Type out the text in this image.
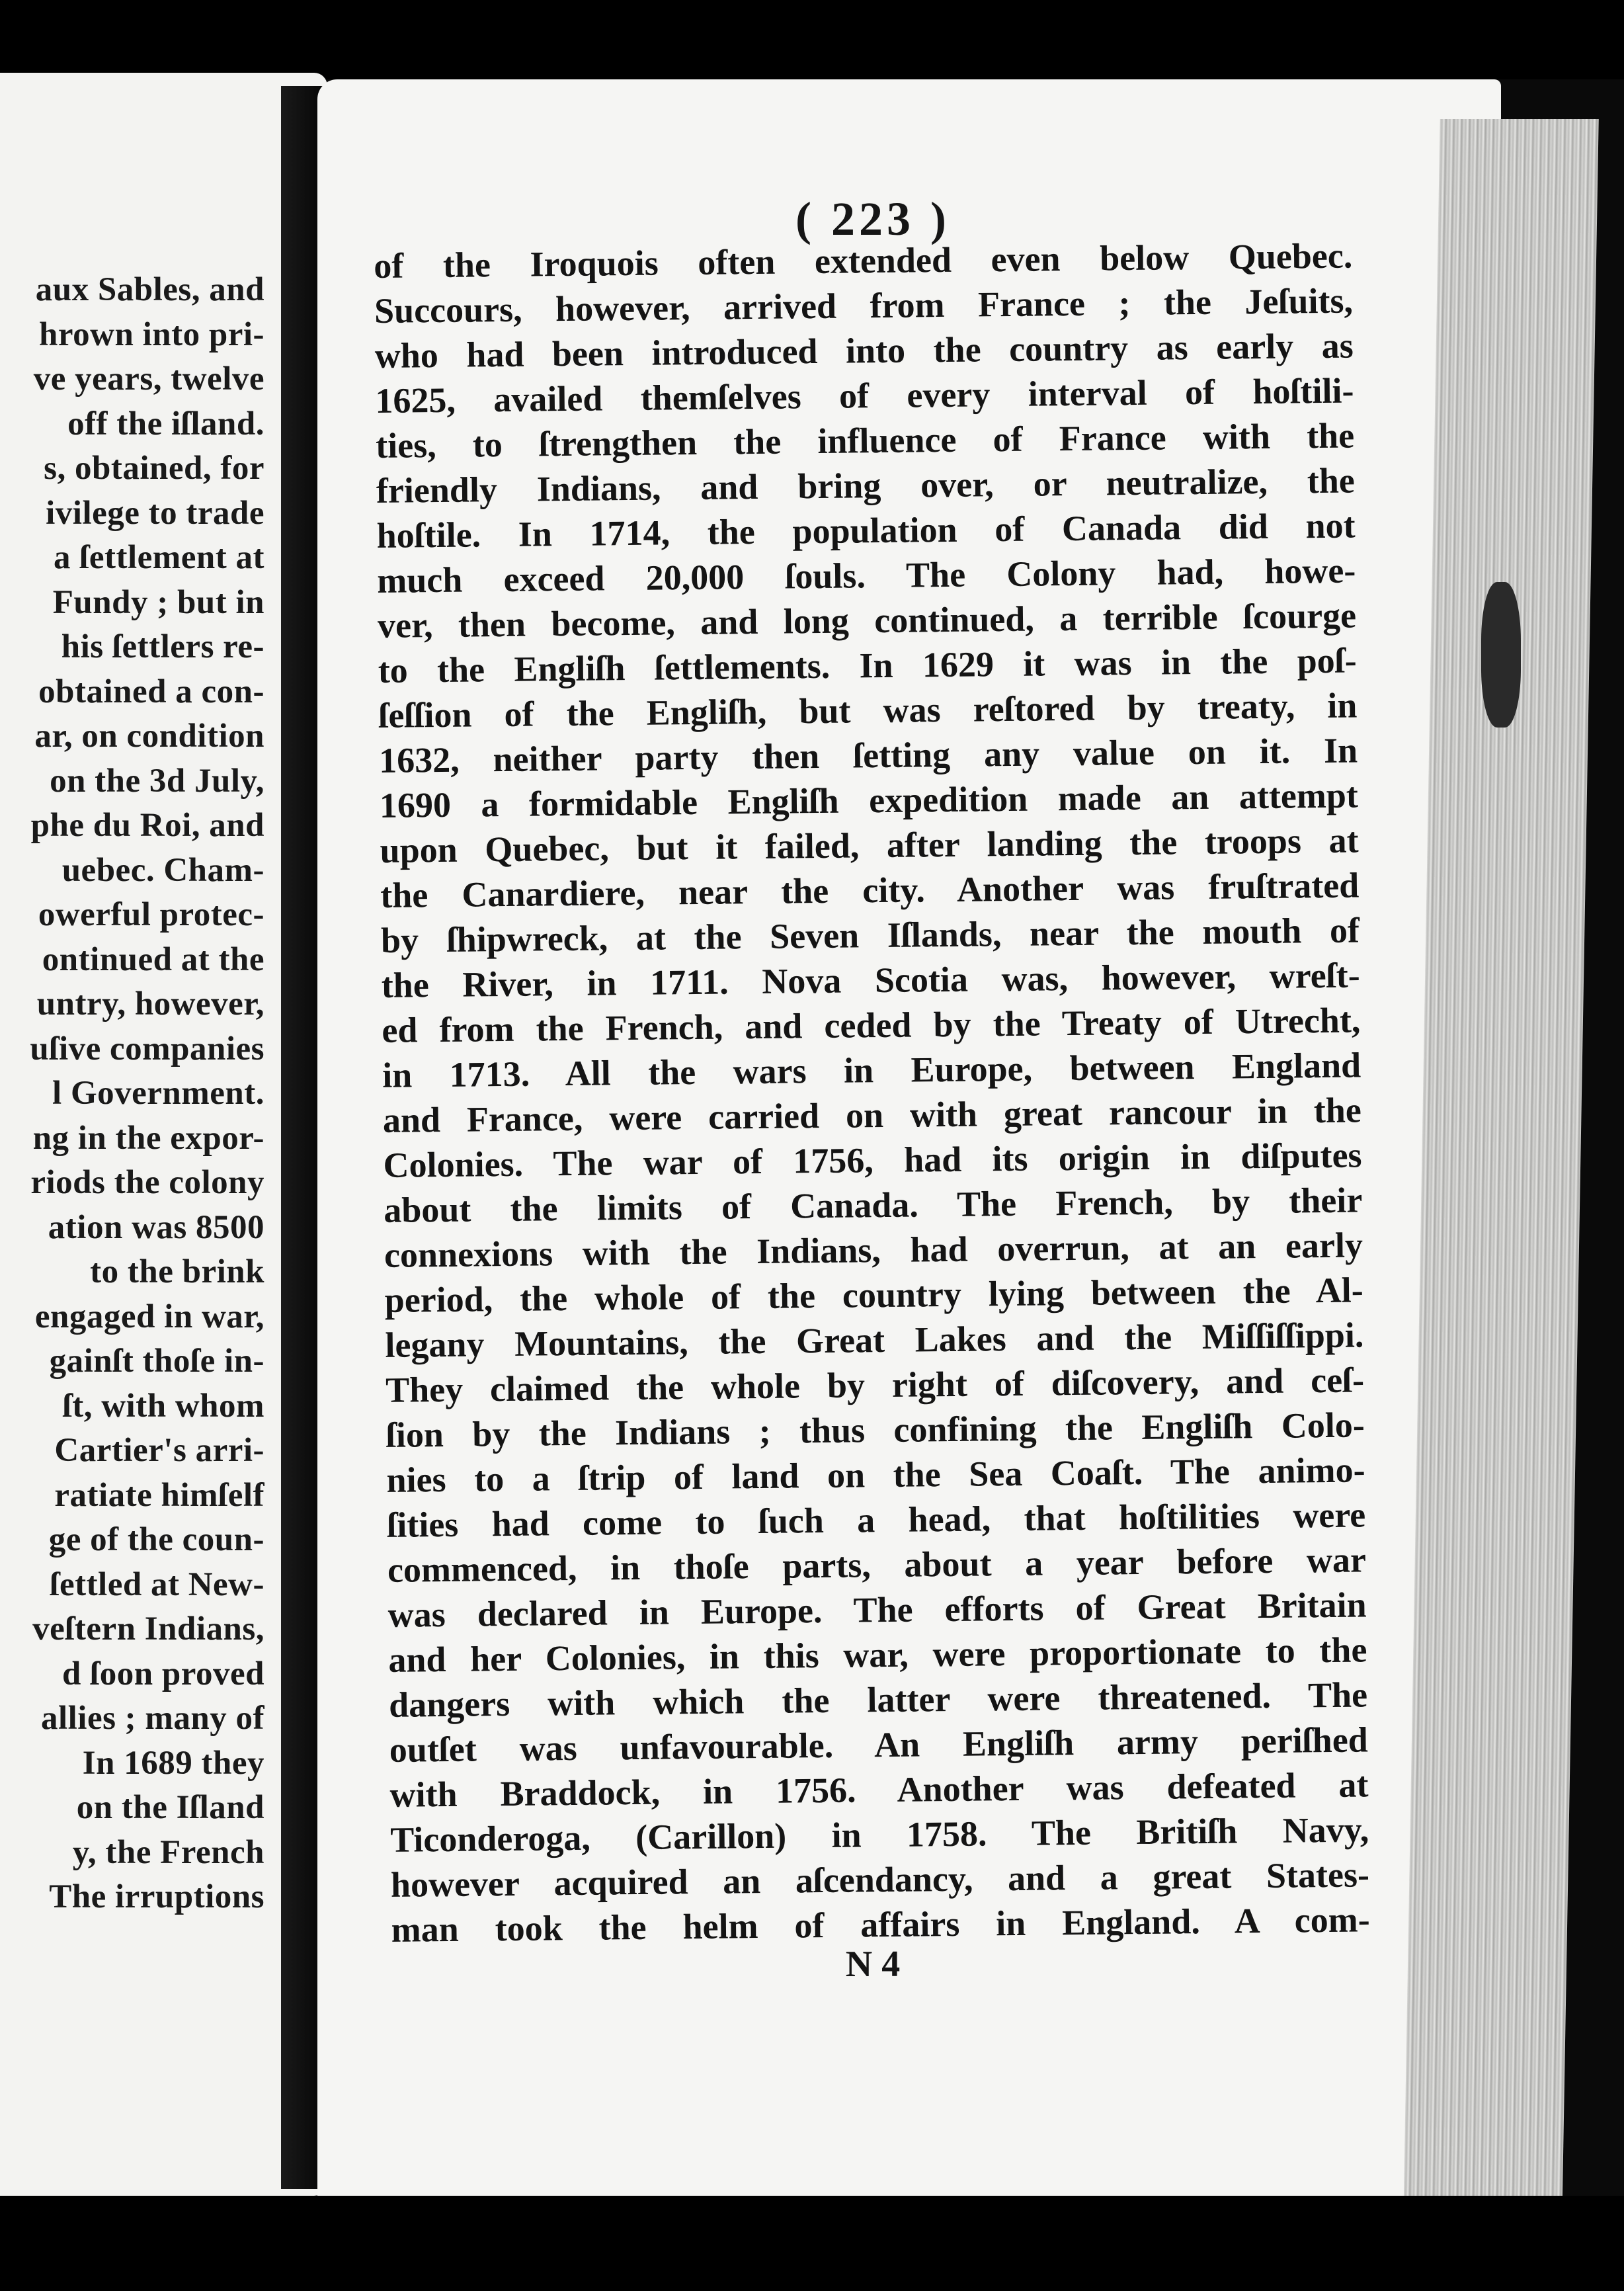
aux Sables, and
hrown into pri-
ve years, twelve
off the iſland.
s, obtained, for
ivilege to trade
a ſettlement at
Fundy ; but in
his ſettlers re-
obtained a con-
ar, on condition
on the 3d July,
phe du Roi, and
uebec. Cham-
owerful protec-
ontinued at the
untry, however,
uſive companies
l Government.
ng in the expor-
riods the colony
ation was 8500
to the brink
engaged in war,
gainſt thoſe in-
ſt, with whom
Cartier's arri-
ratiate himſelf
ge of the coun-
ſettled at New-
veſtern Indians,
d ſoon proved
allies ; many of
In 1689 they
on the Iſland
y, the French
The irruptions
( 223 )
of the Iroquois often extended even below Quebec.
Succours, however, arrived from France ; the Jeſuits,
who had been introduced into the country as early as
1625, availed themſelves of every interval of hoſtili-
ties, to ſtrengthen the influence of France with the
friendly Indians, and bring over, or neutralize, the
hoſtile. In 1714, the population of Canada did not
much exceed 20,000 ſouls. The Colony had, howe-
ver, then become, and long continued, a terrible ſcourge
to the Engliſh ſettlements. In 1629 it was in the poſ-
ſeſſion of the Engliſh, but was reſtored by treaty, in
1632, neither party then ſetting any value on it. In
1690 a formidable Engliſh expedition made an attempt
upon Quebec, but it failed, after landing the troops at
the Canardiere, near the city. Another was fruſtrated
by ſhipwreck, at the Seven Iſlands, near the mouth of
the River, in 1711. Nova Scotia was, however, wreſt-
ed from the French, and ceded by the Treaty of Utrecht,
in 1713. All the wars in Europe, between England
and France, were carried on with great rancour in the
Colonies. The war of 1756, had its origin in diſputes
about the limits of Canada. The French, by their
connexions with the Indians, had overrun, at an early
period, the whole of the country lying between the Al-
legany Mountains, the Great Lakes and the Miſſiſſippi.
They claimed the whole by right of diſcovery, and ceſ-
ſion by the Indians ; thus confining the Engliſh Colo-
nies to a ſtrip of land on the Sea Coaſt. The animo-
ſities had come to ſuch a head, that hoſtilities were
commenced, in thoſe parts, about a year before war
was declared in Europe. The efforts of Great Britain
and her Colonies, in this war, were proportionate to the
dangers with which the latter were threatened. The
outſet was unfavourable. An Engliſh army periſhed
with Braddock, in 1756. Another was defeated at
Ticonderoga, (Carillon) in 1758. The Britiſh Navy,
however acquired an aſcendancy, and a great States-
man took the helm of affairs in England. A com-
N 4
